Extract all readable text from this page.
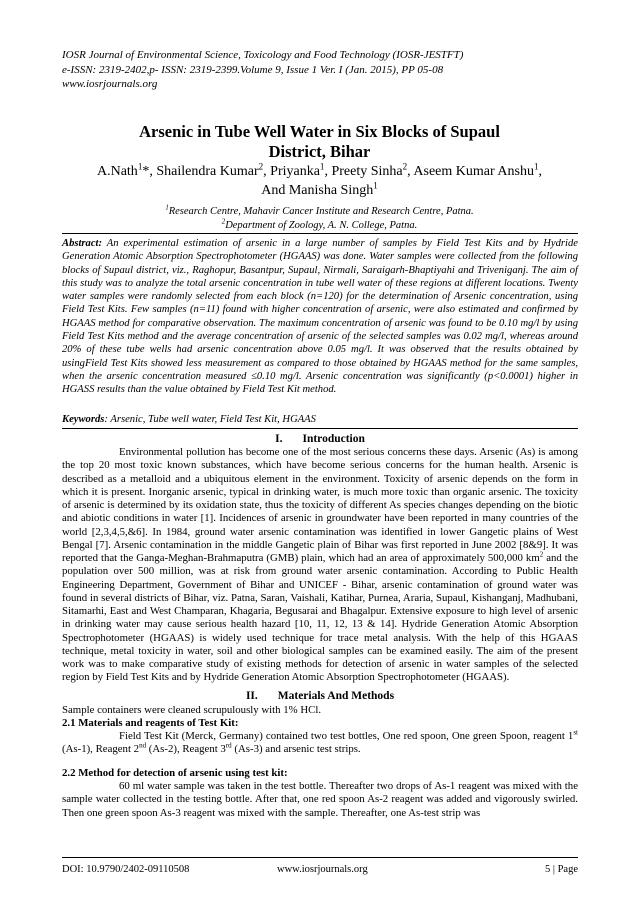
IOSR Journal of Environmental Science, Toxicology and Food Technology (IOSR-JESTFT)
e-ISSN: 2319-2402,p- ISSN: 2319-2399.Volume 9, Issue 1 Ver. I (Jan. 2015), PP 05-08
www.iosrjournals.org
Arsenic in Tube Well Water in Six Blocks of Supaul
District, Bihar
A.Nath$^1$*, Shailendra Kumar$^2$, Priyanka$^1$, Preety Sinha$^2$, Aseem Kumar Anshu$^1$,
And Manisha Singh$^1$
$^1$Research Centre, Mahavir Cancer Institute and Research Centre, Patna.
$^2$Department of Zoology, A. N. College, Patna.
Abstract: An experimental estimation of arsenic in a large number of samples by Field Test Kits and by Hydride Generation Atomic Absorption Spectrophotometer (HGAAS) was done. Water samples were collected from the following blocks of Supaul district, viz., Raghopur, Basantpur, Supaul, Nirmali, Saraigarh-Bhaptiyahi and Triveniganj. The aim of this study was to analyze the total arsenic concentration in tube well water of these regions at different locations. Twenty water samples were randomly selected from each block (n=120) for the determination of Arsenic concentration, using Field Test Kits. Few samples (n=11) found with higher concentration of arsenic, were also estimated and confirmed by HGAAS method for comparative observation. The maximum concentration of arsenic was found to be 0.10 mg/l by using Field Test Kits method and the average concentration of arsenic of the selected samples was 0.02 mg/l, whereas around 20% of these tube wells had arsenic concentration above 0.05 mg/l. It was observed that the results obtained by usingField Test Kits showed less measurement as compared to those obtained by HGAAS method for the same samples, when the arsenic concentration measured ≤0.10 mg/l. Arsenic concentration was significantly (p<0.0001) higher in HGASS results than the value obtained by Field Test Kit method.
Keywords: Arsenic, Tube well water, Field Test Kit, HGAAS
I. Introduction
Environmental pollution has become one of the most serious concerns these days. Arsenic (As) is among the top 20 most toxic known substances, which have become serious concerns for the human health. Arsenic is described as a metalloid and a ubiquitous element in the environment. Toxicity of arsenic depends on the form in which it is present. Inorganic arsenic, typical in drinking water, is much more toxic than organic arsenic. The toxicity of arsenic is determined by its oxidation state, thus the toxicity of different As species changes depending on the biotic and abiotic conditions in water [1]. Incidences of arsenic in groundwater have been reported in many countries of the world [2,3,4,5,&6]. In 1984, ground water arsenic contamination was identified in lower Gangetic plains of West Bengal [7]. Arsenic contamination in the middle Gangetic plain of Bihar was first reported in June 2002 [8&9]. It was reported that the Ganga-Meghan-Brahmaputra (GMB) plain, which had an area of approximately 500,000 $km^2$ and the population over 500 million, was at risk from ground water arsenic contamination. According to Public Health Engineering Department, Government of Bihar and UNICEF - Bihar, arsenic contamination of ground water was found in several districts of Bihar, viz. Patna, Saran, Vaishali, Katihar, Purnea, Araria, Supaul, Kishanganj, Madhubani, Sitamarhi, East and West Champaran, Khagaria, Begusarai and Bhagalpur. Extensive exposure to high level of arsenic in drinking water may cause serious health hazard [10, 11, 12, 13 & 14]. Hydride Generation Atomic Absorption Spectrophotometer (HGAAS) is widely used technique for trace metal analysis. With the help of this HGAAS technique, metal toxicity in water, soil and other biological samples can be examined easily. The aim of the present work was to make comparative study of existing methods for detection of arsenic in water samples of the selected region by Field Test Kits and by Hydride Generation Atomic Absorption Spectrophotometer (HGAAS).
II. Materials And Methods
Sample containers were cleaned scrupulously with 1% HCl.
2.1 Materials and reagents of Test Kit:
Field Test Kit (Merck, Germany) contained two test bottles, One red spoon, One green Spoon, reagent 1st (As-1), Reagent 2nd (As-2), Reagent 3rd (As-3) and arsenic test strips.
2.2 Method for detection of arsenic using test kit:
60 ml water sample was taken in the test bottle. Thereafter two drops of As-1 reagent was mixed with the sample water collected in the testing bottle. After that, one red spoon As-2 reagent was added and vigorously swirled. Then one green spoon As-3 reagent was mixed with the sample. Thereafter, one As-test strip was
DOI: 10.9790/2402-09110508	www.iosrjournals.org	5 | Page
